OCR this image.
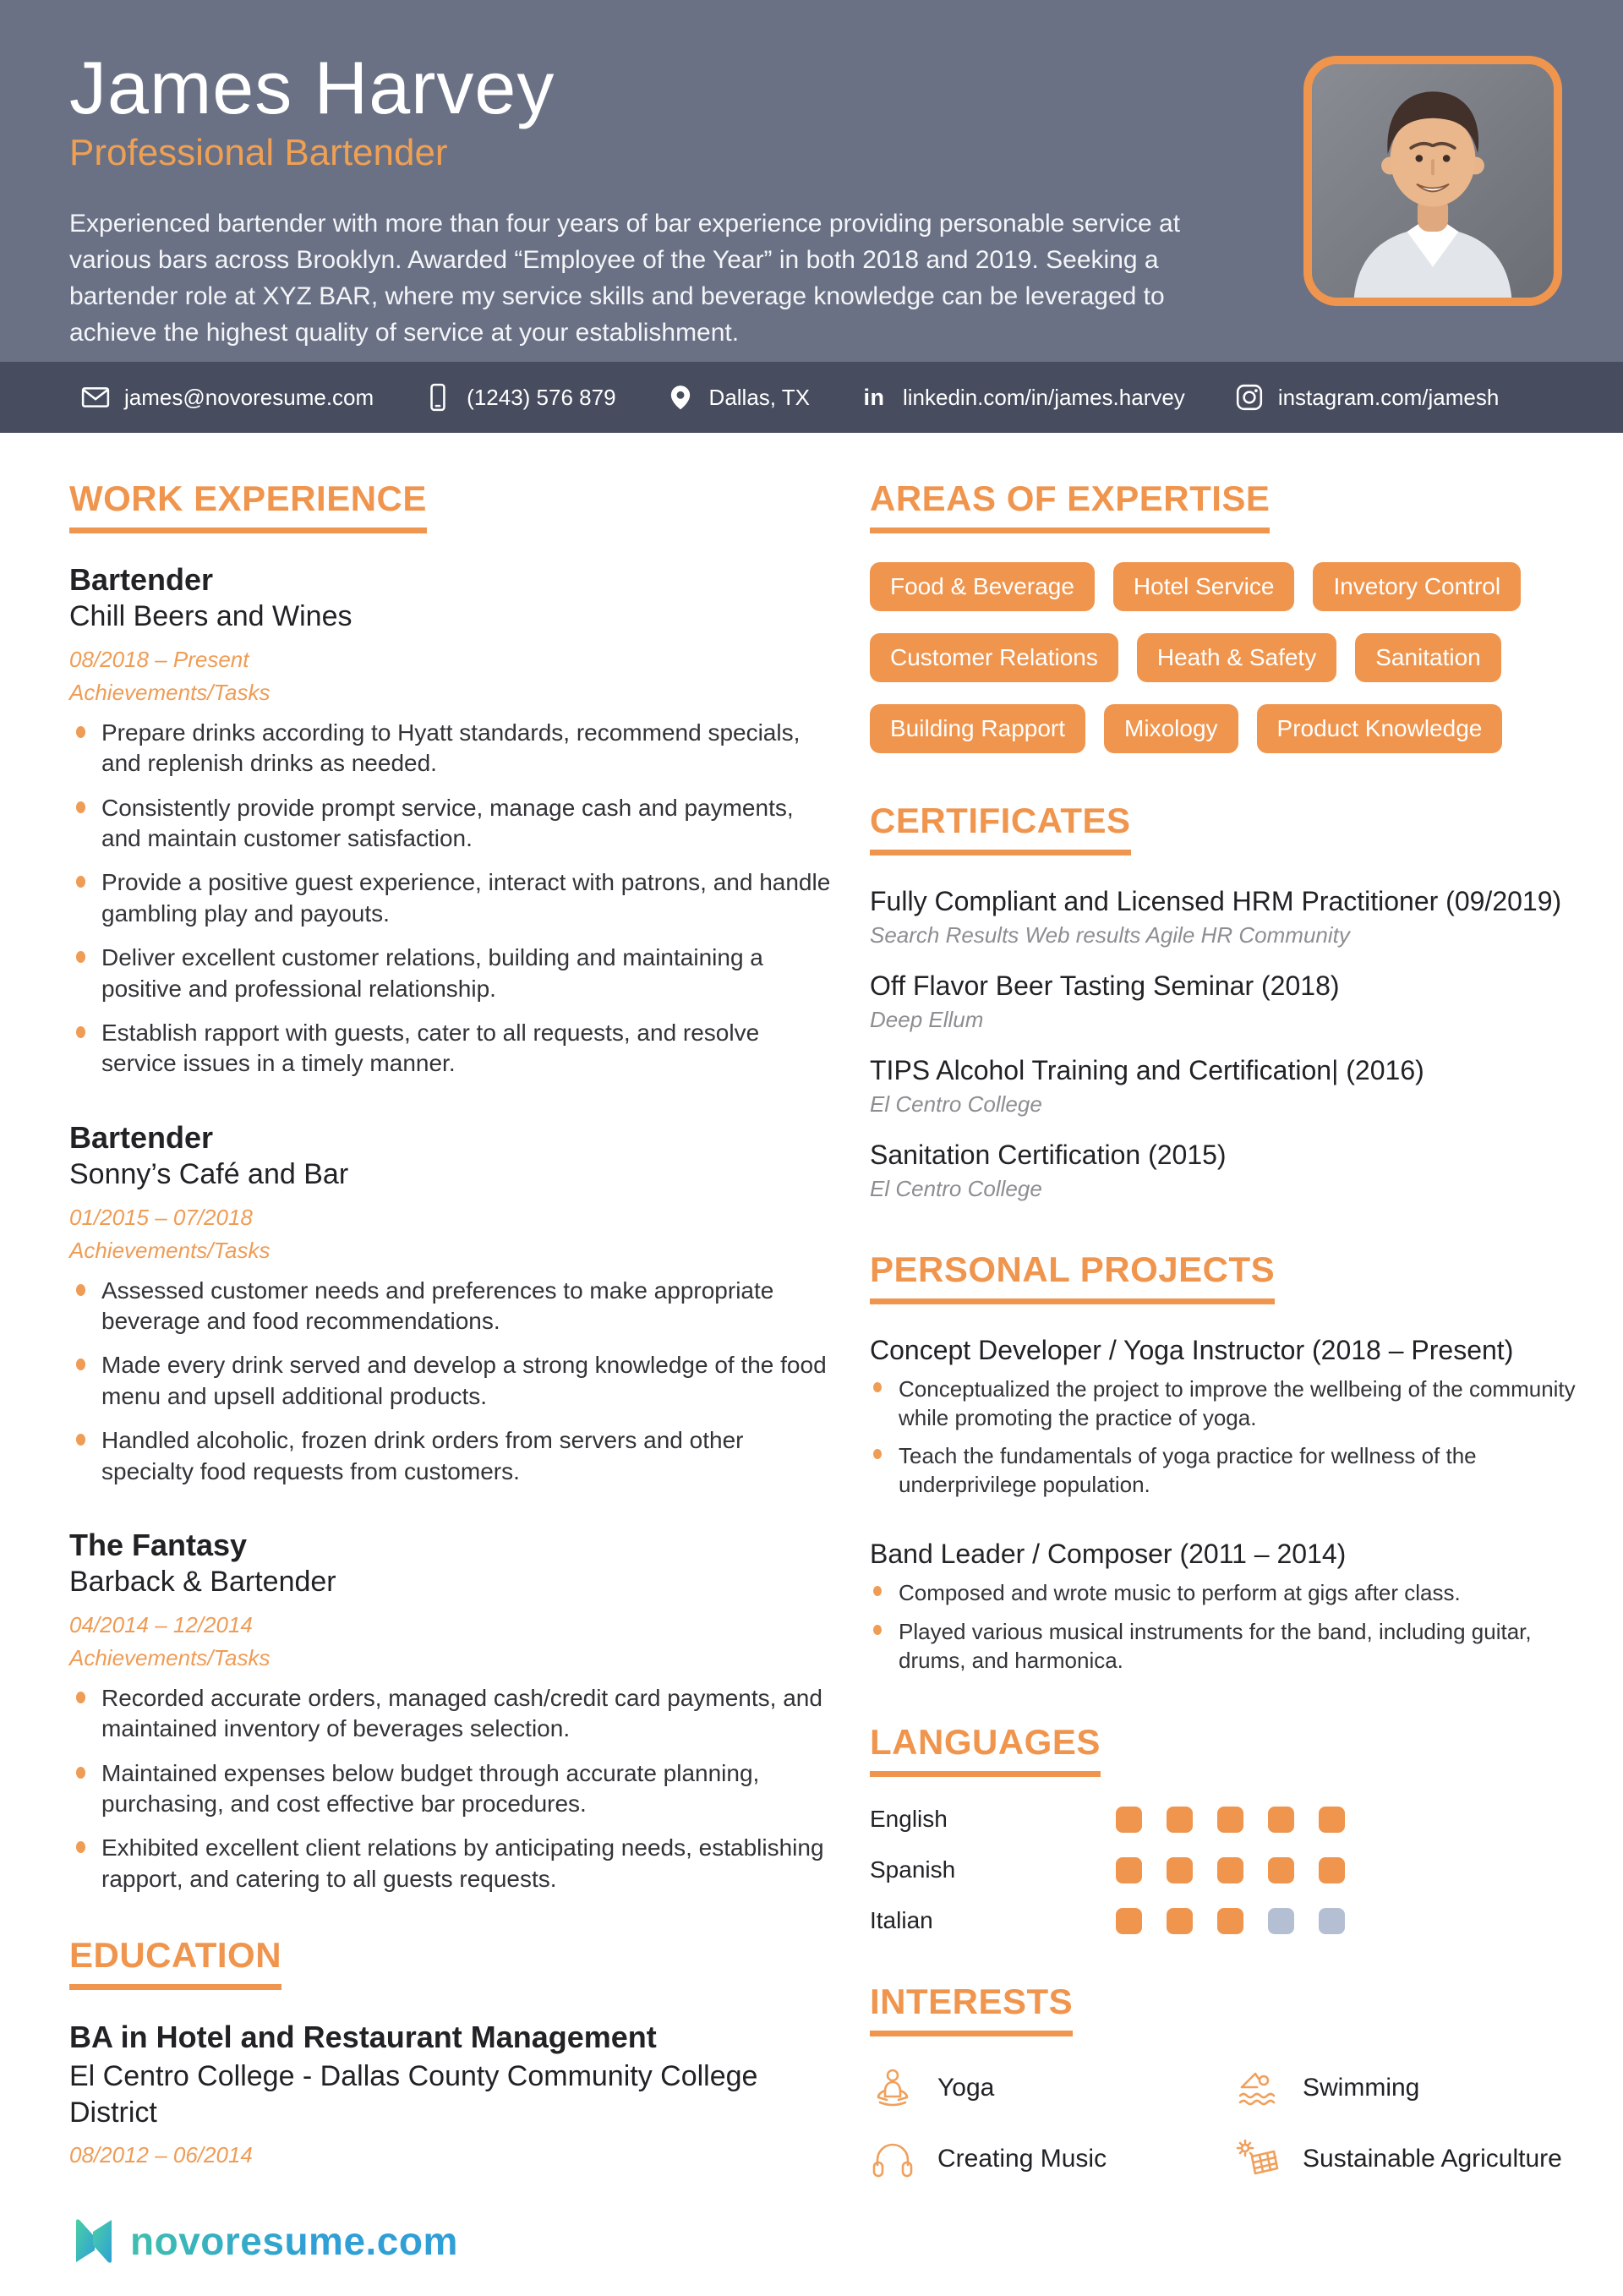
James Harvey
Professional Bartender

Experienced bartender with more than four years of bar experience providing personable service at various bars across Brooklyn. Awarded “Employee of the Year” in both 2018 and 2019. Seeking a bartender role at XYZ BAR, where my service skills and beverage knowledge can be leveraged to achieve the highest quality of service at your establishment.

james@novoresume.com	(1243) 576 879	Dallas, TX in linkedin.com/in/james.harvey	instagram.com/jamesh
WORK EXPERIENCE
Bartender
Chill Beers and Wines
08/2018 – Present
Achievements/Tasks
Prepare drinks according to Hyatt standards, recommend specials, and replenish drinks as needed.
Consistently provide prompt service, manage cash and payments, and maintain customer satisfaction.
Provide a positive guest experience, interact with patrons, and handle gambling play and payouts.
Deliver excellent customer relations, building and maintaining a positive and professional relationship.
Establish rapport with guests, cater to all requests, and resolve service issues in a timely manner.
Bartender
Sonny’s Café and Bar
01/2015 – 07/2018
Achievements/Tasks
Assessed customer needs and preferences to make appropriate beverage and food recommendations.
Made every drink served and develop a strong knowledge of the food menu and upsell additional products.
Handled alcoholic, frozen drink orders from servers and other specialty food requests from customers.
The Fantasy
Barback & Bartender
04/2014 – 12/2014
Achievements/Tasks
Recorded accurate orders, managed cash/credit card payments, and maintained inventory of beverages selection.
Maintained expenses below budget through accurate planning, purchasing, and cost effective bar procedures.
Exhibited excellent client relations by anticipating needs, establishing rapport, and catering to all guests requests.
EDUCATION
BA in Hotel and Restaurant Management
El Centro College - Dallas County Community College District
08/2012 – 06/2014
AREAS OF EXPERTISE
Food & Beverage	Hotel Service	Invetory Control
Customer Relations	Heath & Safety	Sanitation
Building Rapport	Mixology	Product Knowledge
CERTIFICATES
Fully Compliant and Licensed HRM Practitioner (09/2019)
Search Results Web results Agile HR Community
Off Flavor Beer Tasting Seminar (2018)
Deep Ellum
TIPS Alcohol Training and Certification| (2016)
El Centro College
Sanitation Certification (2015)
El Centro College
PERSONAL PROJECTS
Concept Developer / Yoga Instructor (2018 – Present)
Conceptualized the project to improve the wellbeing of the community while promoting the practice of yoga.
Teach the fundamentals of yoga practice for wellness of the underprivilege population.
Band Leader / Composer (2011 – 2014)
Composed and wrote music to perform at gigs after class.
Played various musical instruments for the band, including guitar, drums, and harmonica.
LANGUAGES
English
Spanish
Italian
INTERESTS
Yoga	Swimming
Creating Music	Sustainable Agriculture
novoresume.com
